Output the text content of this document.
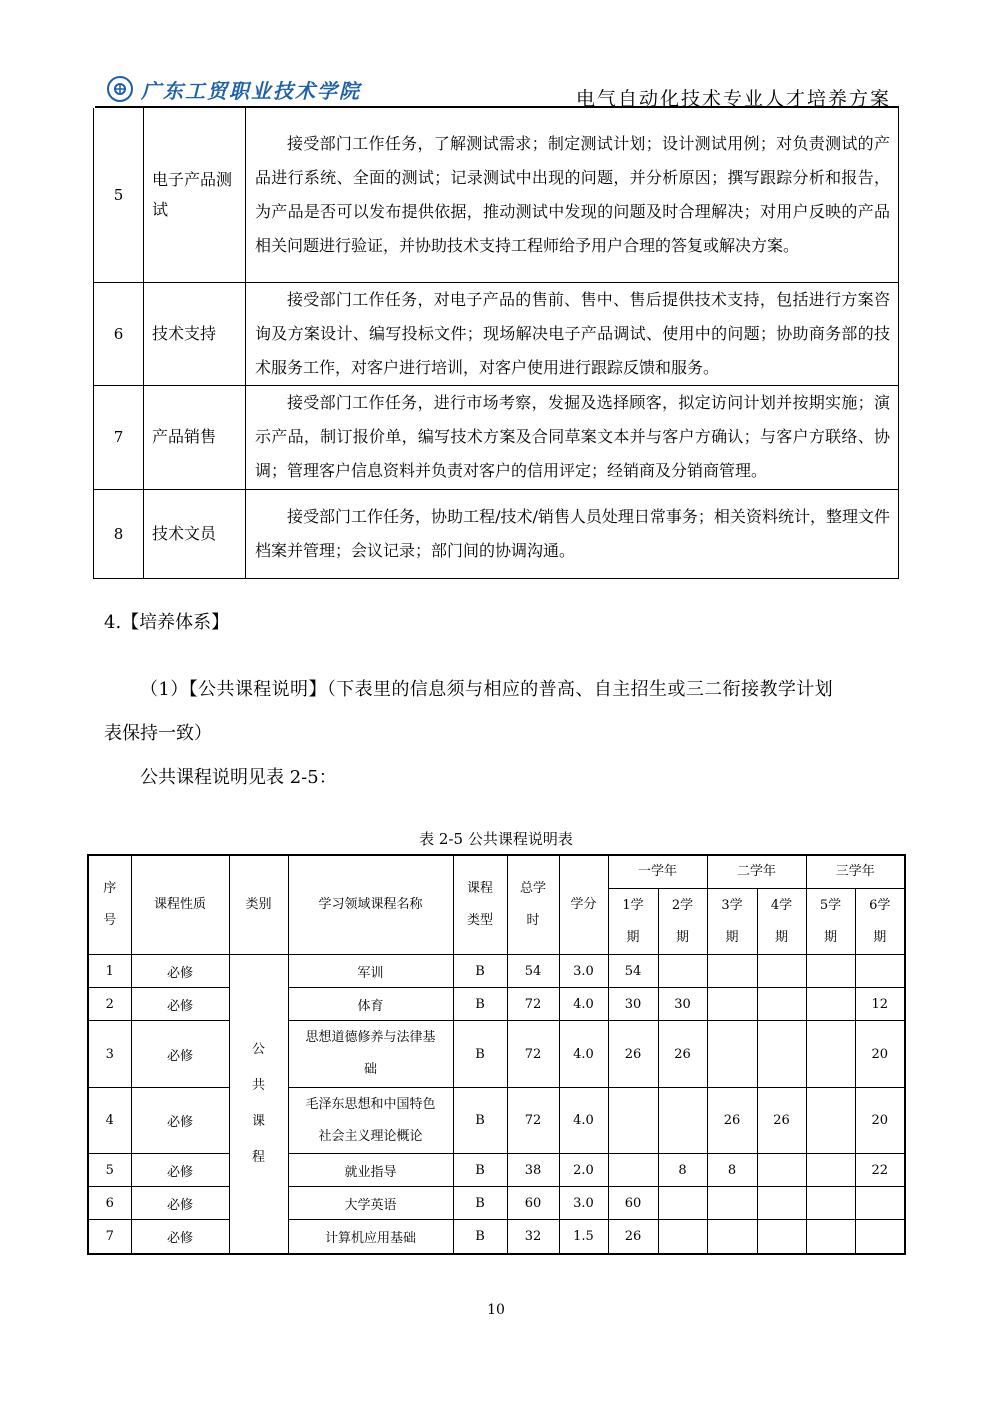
广东工贸职业技术学院	电气自动化技术专业人才培养方案
5	电子产品测试	接受部门工作任务，了解测试需求；制定测试计划；设计测试用例；对负责测试的产品进行系统、全面的测试；记录测试中出现的问题，并分析原因；撰写跟踪分析和报告，为产品是否可以发布提供依据，推动测试中发现的问题及时合理解决；对用户反映的产品相关问题进行验证，并协助技术支持工程师给予用户合理的答复或解决方案。

6	技术支持	接受部门工作任务，对电子产品的售前、售中、售后提供技术支持，包括进行方案咨询及方案设计、编写投标文件；现场解决电子产品调试、使用中的问题；协助商务部的技术服务工作，对客户进行培训，对客户使用进行跟踪反馈和服务。

7	产品销售	接受部门工作任务，进行市场考察，发掘及选择顾客，拟定访问计划并按期实施；演示产品，制订报价单，编写技术方案及合同草案文本并与客户方确认；与客户方联络、协调；管理客户信息资料并负责对客户的信用评定；经销商及分销商管理。

8	技术文员	接受部门工作任务，协助工程/技术/销售人员处理日常事务；相关资料统计，整理文件档案并管理；会议记录；部门间的协调沟通。
4.【培养体系】
（1）【公共课程说明】（下表里的信息须与相应的普高、自主招生或三二衔接教学计划
表保持一致）
公共课程说明见表 2-5：
表 2-5 公共课程说明表
序号	课程性质	类别	学习领域课程名称	课程类型	总学时	学分	一学年		二学年		三学年	
							1学期	2学期	3学期	4学期	5学期	6学期
1	必修	公共课程	军训	B	54	3.0	54					
2	必修		体育	B	72	4.0	30	30				12
3	必修		思想道德修养与法律基础	B	72	4.0	26	26				20
4	必修		毛泽东思想和中国特色社会主义理论概论	B	72	4.0			26	26		20
5	必修		就业指导	B	38	2.0		8	8			22
6	必修		大学英语	B	60	3.0	60					
7	必修		计算机应用基础	B	32	1.5	26					
10
